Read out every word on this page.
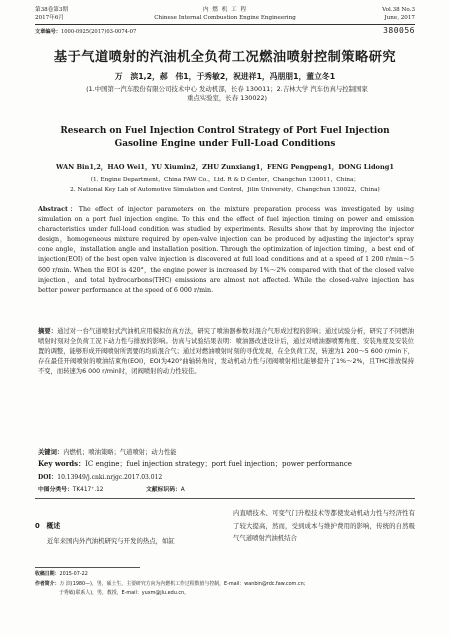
第38卷第3期
2017年6月
内 燃 机 工 程
Chinese Internal Combustion Engine Engineering
Vol.38 No.3
June, 2017
文章编号：1000-0925(2017)03-0074-07	380056
基于气道喷射的汽油机全负荷工况燃油喷射控制策略研究
万　滨1,2，郝　伟1，于秀敏2，祝进祥1，冯朋朋1，董立冬1
(1.中国第一汽车股份有限公司技术中心 发动机部，长春 130011；2.吉林大学 汽车仿真与控制国家
重点实验室，长春 130022)
Research on Fuel Injection Control Strategy of Port Fuel Injection
Gasoline Engine under Full-Load Conditions
WAN Bin1,2，HAO Wei1，YU Xiumin2，ZHU Zunxiang1，FENG Pengpeng1，DONG Lidong1
(1. Engine Department，China FAW Co.，Ltd. R & D Center，Changchun 130011，China；
2. National Key Lab of Automotive Simulation and Control，Jilin University，Changchun 130022，China)
Abstract：The effect of injector parameters on the mixture preparation process was investigated by using simulation on a port fuel injection engine. To this end the effect of fuel injection timing on power and emission characteristics under full-load condition was studied by experiments. Results show that by improving the injector design，homogeneous mixture required by open-valve injection can be produced by adjusting the injector's spray cone angle，installation angle and installation position. Through the optimization of injection timing，a best end of injection(EOI) of the best open valve injection is discovered at full load conditions and at a speed of 1 200 r/min～5 600 r/min. When the EOI is 420°，the engine power is increased by 1%～2% compared with that of the closed valve injection，and total hydrocarbons(THC) emissions are almost not affected. While the closed-valve injection has better power performance at the speed of 6 000 r/min.
摘要：通过对一台气道喷射式汽油机应用模拟仿真方法，研究了喷油器参数对混合气形成过程的影响；通过试验分析，研究了不同燃油喷射时刻对全负荷工况下动力性与排放的影响。仿真与试验结果表明：喷油器改进设计后，通过对喷油器喷雾角度、安装角度及安装位置的调整，能够形成开阀喷射所需要的均质混合气；通过对燃油喷射时刻的寻优发现，在全负荷工况，转速为1 200～5 600 r/min下，存在最佳开阀喷射的喷油结束角(EOI)，EOI为420°曲轴转角时，发动机动力性与闭阀喷射相比能够提升了1%～2%，且THC排放保持不变，而转速为6 000 r/min时，闭阀喷射的动力性较佳。
关键词：内燃机；喷油策略；气道喷射；动力性能
Key words：IC engine；fuel injection strategy；port fuel injection；power performance
DOI：10.13949/j.cnki.nrjgc.2017.03.012
中图分类号：TK417⁺.12	文献标识码：A
0　概述
近年来国内外汽油机研究与开发的热点，如缸
内直喷技术、可变气门升程技术等都使发动机动力性与经济性有了较大提高，然而，受到成本与维护费用的影响，传统的自然吸气气道喷射汽油机结合
收稿日期：2015-07-22
作者简介：万 滨(1980—)，男，硕士生，主要研究方向为内燃机工作过程数值与控制，E-mail：wanbin@rdc.faw.com.cn；
于秀敏(联系人)，男，教授，E-mail：yuxm@jlu.edu.cn。
